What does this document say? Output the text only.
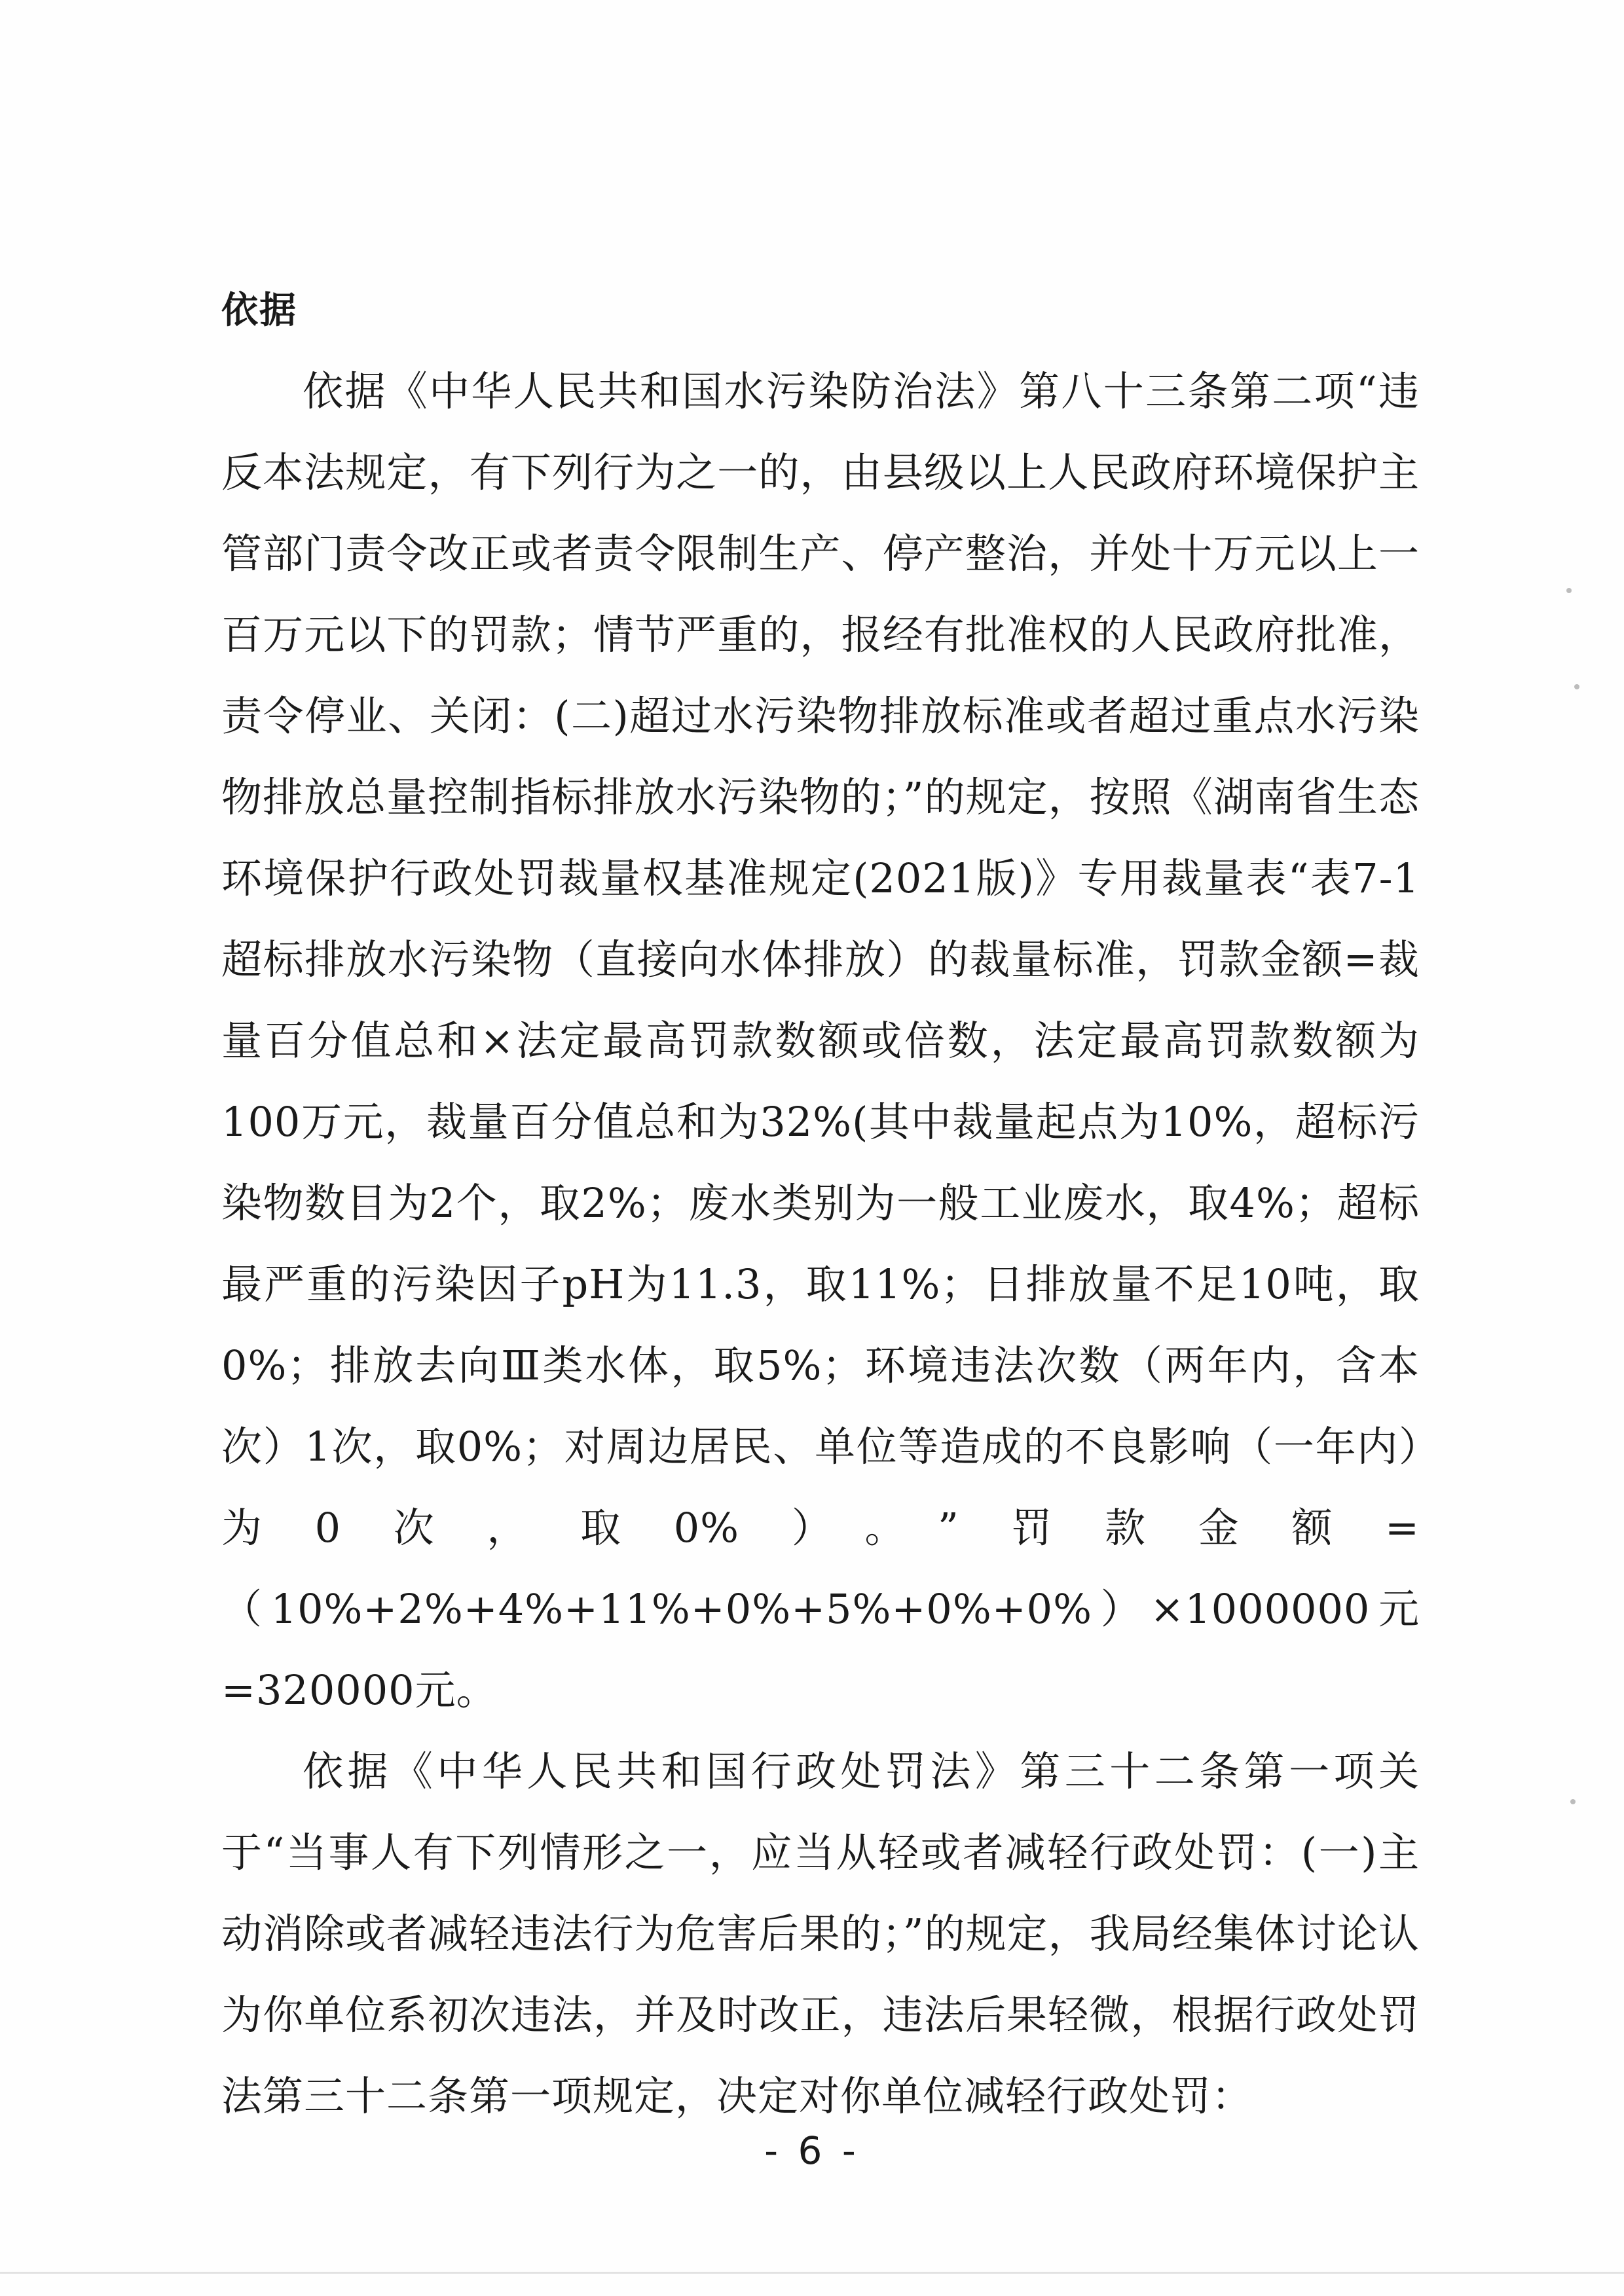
依据

依据《中华人民共和国水污染防治法》第八十三条第二项“违反本法规定，有下列行为之一的，由县级以上人民政府环境保护主管部门责令改正或者责令限制生产、停产整治，并处十万元以上一百万元以下的罚款；情节严重的，报经有批准权的人民政府批准，责令停业、关闭：(二)超过水污染物排放标准或者超过重点水污染物排放总量控制指标排放水污染物的；”的规定，按照《湖南省生态环境保护行政处罚裁量权基准规定(2021版)》专用裁量表“表7-1 超标排放水污染物（直接向水体排放）的裁量标准，罚款金额=裁量百分值总和×法定最高罚款数额或倍数，法定最高罚款数额为100万元，裁量百分值总和为32%(其中裁量起点为10%，超标污染物数目为2个，取2%；废水类别为一般工业废水，取4%；超标最严重的污染因子pH为11.3，取11%；日排放量不足10吨，取0%；排放去向Ⅲ类水体，取5%；环境违法次数（两年内，含本次）1次，取0%；对周边居民、单位等造成的不良影响（一年内）为0次，取0%）。”罚款金额=（10%+2%+4%+11%+0%+5%+0%+0%）×1000000元=320000元。

依据《中华人民共和国行政处罚法》第三十二条第一项关于“当事人有下列情形之一，应当从轻或者减轻行政处罚：(一)主动消除或者减轻违法行为危害后果的；”的规定，我局经集体讨论认为你单位系初次违法，并及时改正，违法后果轻微，根据行政处罚法第三十二条第一项规定，决定对你单位减轻行政处罚：

- 6 -
